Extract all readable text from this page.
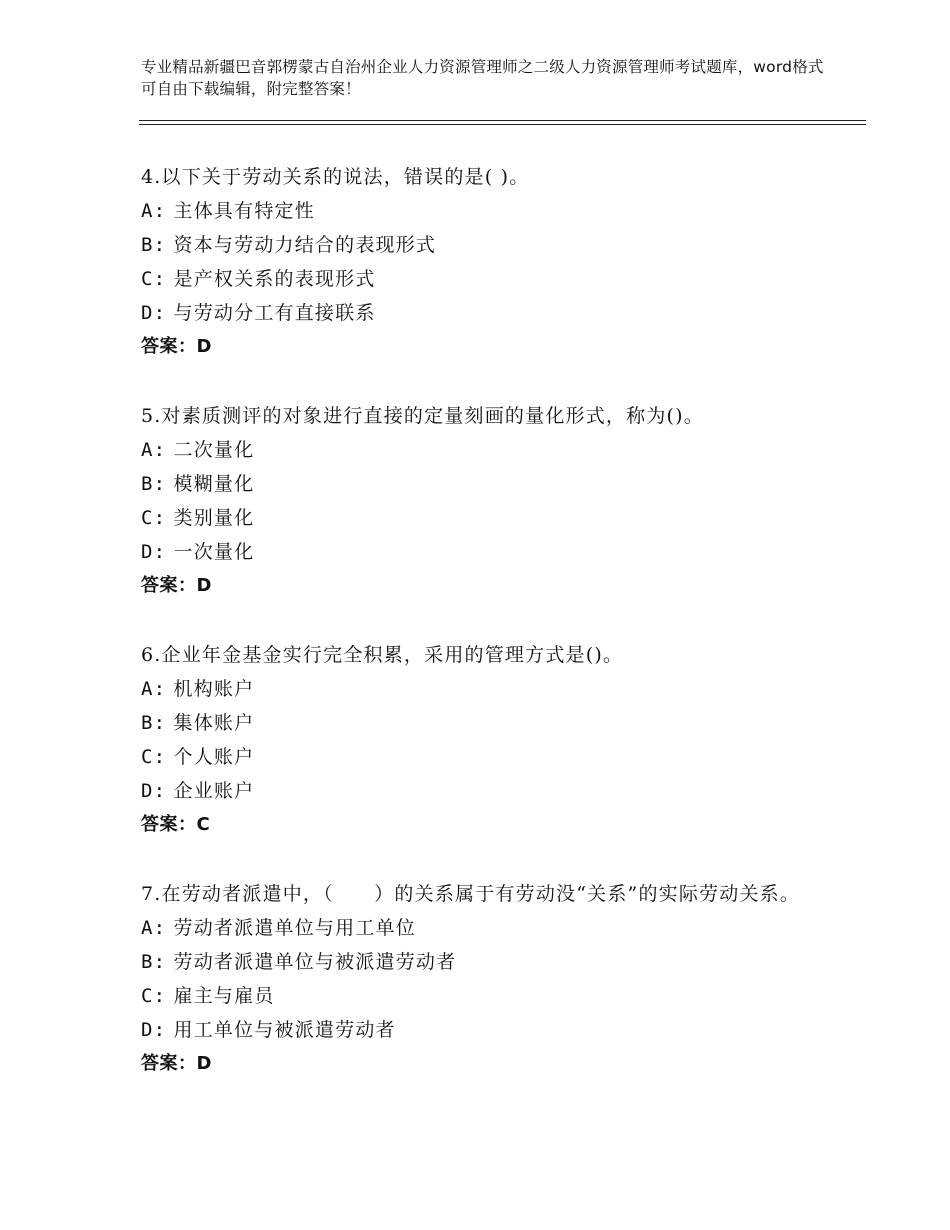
专业精品新疆巴音郭楞蒙古自治州企业人力资源管理师之二级人力资源管理师考试题库，word格式可自由下载编辑，附完整答案！
4.以下关于劳动关系的说法，错误的是( )。
A: 主体具有特定性
B: 资本与劳动力结合的表现形式
C: 是产权关系的表现形式
D: 与劳动分工有直接联系
答案：D
5.对素质测评的对象进行直接的定量刻画的量化形式，称为()。
A: 二次量化
B: 模糊量化
C: 类别量化
D: 一次量化
答案：D
6.企业年金基金实行完全积累，采用的管理方式是()。
A: 机构账户
B: 集体账户
C: 个人账户
D: 企业账户
答案：C
7.在劳动者派遣中，（　　）的关系属于有劳动没“关系”的实际劳动关系。
A: 劳动者派遣单位与用工单位
B: 劳动者派遣单位与被派遣劳动者
C: 雇主与雇员
D: 用工单位与被派遣劳动者
答案：D
